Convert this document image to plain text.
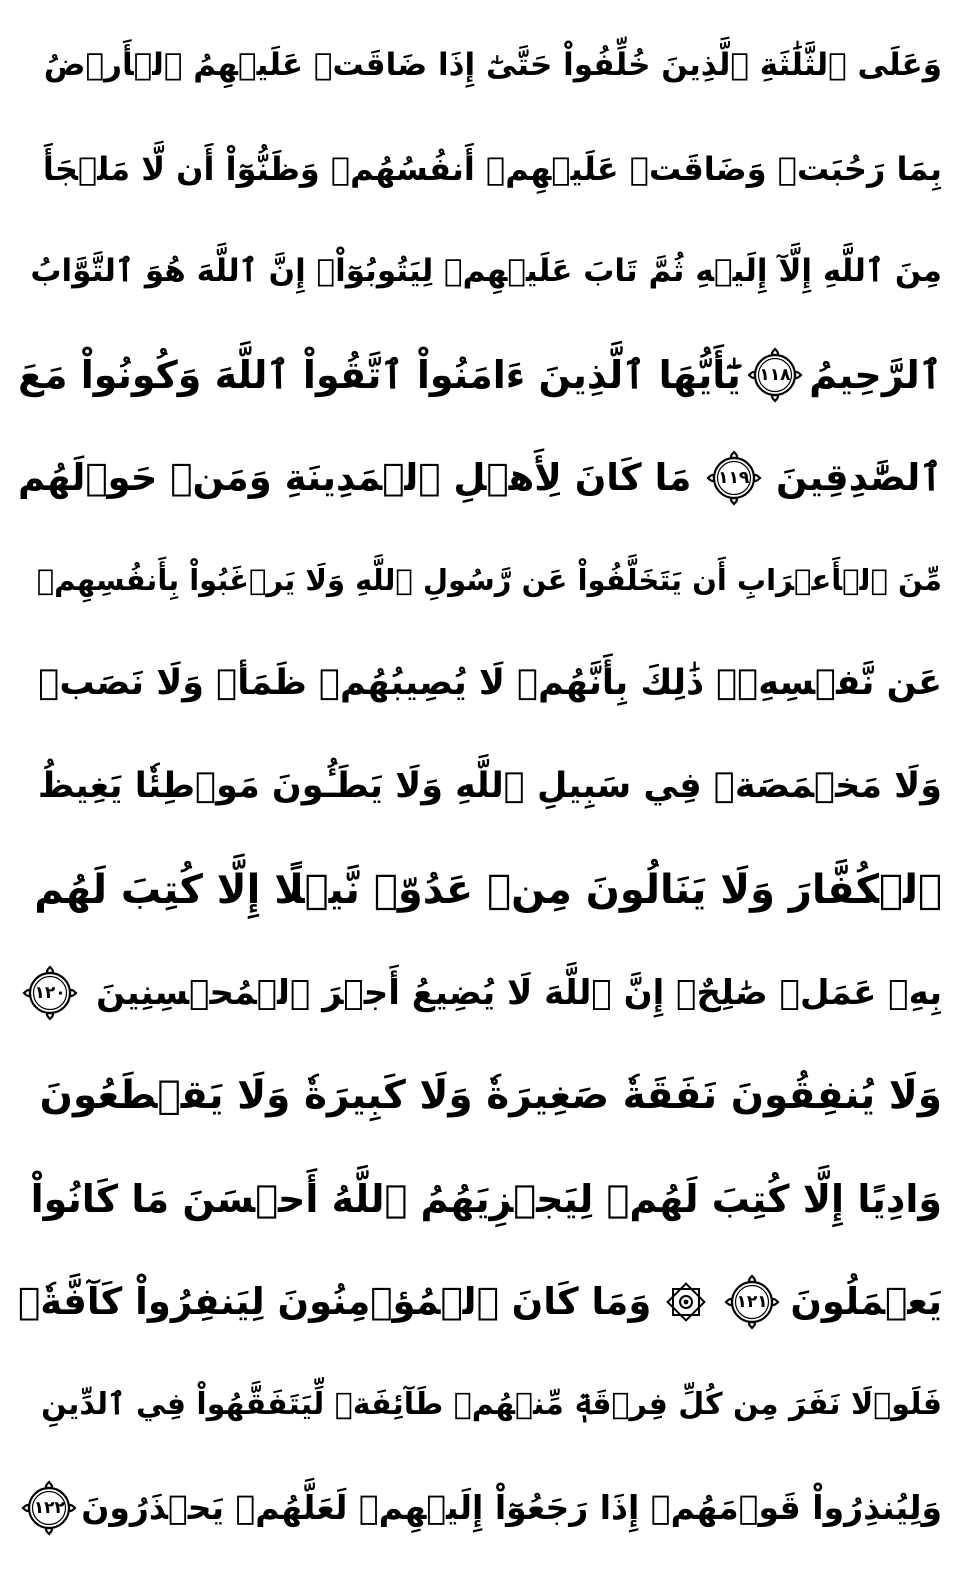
وَعَلَى ٱلثَّلَٰثَةِ ٱلَّذِينَ خُلِّفُواْ حَتَّىٰٓ إِذَا ضَاقَتۡ عَلَيۡهِمُ ٱلۡأَرۡضُ
بِمَا رَحُبَتۡ وَضَاقَتۡ عَلَيۡهِمۡ أَنفُسُهُمۡ وَظَنُّوٓاْ أَن لَّا مَلۡجَأَ
مِنَ ٱللَّهِ إِلَّآ إِلَيۡهِ ثُمَّ تَابَ عَلَيۡهِمۡ لِيَتُوبُوٓاْۚ إِنَّ ٱللَّهَ هُوَ ٱلتَّوَّابُ
ٱلرَّحِيمُ
١١٨
يَٰٓأَيُّهَا ٱلَّذِينَ ءَامَنُواْ ٱتَّقُواْ ٱللَّهَ وَكُونُواْ مَعَ
ٱلصَّٰدِقِينَ
١١٩
مَا كَانَ لِأَهۡلِ ٱلۡمَدِينَةِ وَمَنۡ حَوۡلَهُم
مِّنَ ٱلۡأَعۡرَابِ أَن يَتَخَلَّفُواْ عَن رَّسُولِ ٱللَّهِ وَلَا يَرۡغَبُواْ بِأَنفُسِهِمۡ
عَن نَّفۡسِهِۦۚ ذَٰلِكَ بِأَنَّهُمۡ لَا يُصِيبُهُمۡ ظَمَأٞ وَلَا نَصَبٞ
وَلَا مَخۡمَصَةٞ فِي سَبِيلِ ٱللَّهِ وَلَا يَطَـُٔونَ مَوۡطِئٗا يَغِيظُ
ٱلۡكُفَّارَ وَلَا يَنَالُونَ مِنۡ عَدُوّٖ نَّيۡلًا إِلَّا كُتِبَ لَهُم
بِهِۦ عَمَلٞ صَٰلِحٌۚ إِنَّ ٱللَّهَ لَا يُضِيعُ أَجۡرَ ٱلۡمُحۡسِنِينَ
١٢٠
وَلَا يُنفِقُونَ نَفَقَةٗ صَغِيرَةٗ وَلَا كَبِيرَةٗ وَلَا يَقۡطَعُونَ
وَادِيًا إِلَّا كُتِبَ لَهُمۡ لِيَجۡزِيَهُمُ ٱللَّهُ أَحۡسَنَ مَا كَانُواْ
يَعۡمَلُونَ
١٢١
وَمَا كَانَ ٱلۡمُؤۡمِنُونَ لِيَنفِرُواْ كَآفَّةٗۚ
فَلَوۡلَا نَفَرَ مِن كُلِّ فِرۡقَةٖ مِّنۡهُمۡ طَآئِفَةٞ لِّيَتَفَقَّهُواْ فِي ٱلدِّينِ
وَلِيُنذِرُواْ قَوۡمَهُمۡ إِذَا رَجَعُوٓاْ إِلَيۡهِمۡ لَعَلَّهُمۡ يَحۡذَرُونَ
١٢٢
